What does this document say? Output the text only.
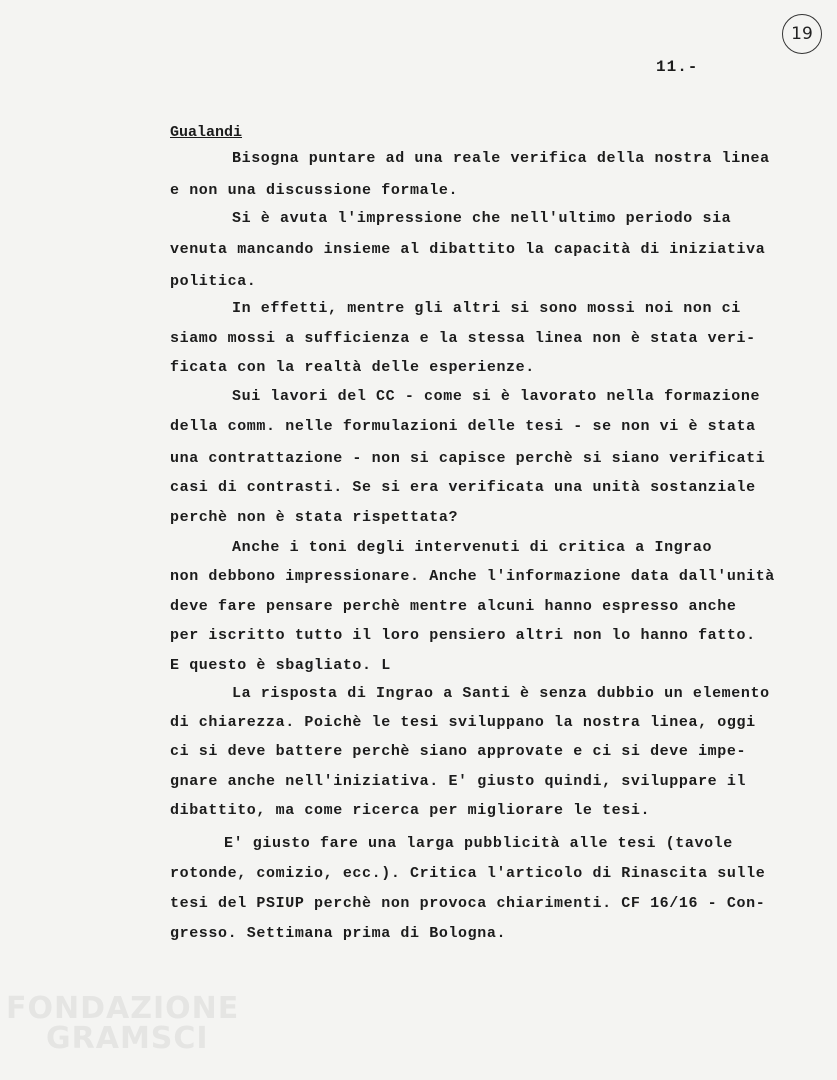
19
11.-
Gualandi
Bisogna puntare ad una reale verifica della nostra linea
e non una discussione formale.
Si è avuta l'impressione che nell'ultimo periodo sia
venuta mancando insieme al dibattito la capacità di iniziativa
politica.
In effetti, mentre gli altri si sono mossi noi non ci
siamo mossi a sufficienza e la stessa linea non è stata veri-
ficata con la realtà delle esperienze.
Sui lavori del CC - come si è lavorato nella formazione
della comm. nelle formulazioni delle tesi - se non vi è stata
una contrattazione - non si capisce perchè si siano verificati
casi di contrasti. Se si era verificata una unità sostanziale
perchè non è stata rispettata?
Anche i toni degli intervenuti di critica a Ingrao
non debbono impressionare. Anche l'informazione data dall'unità
deve fare pensare perchè mentre alcuni hanno espresso anche
per iscritto tutto il loro pensiero altri non lo hanno fatto.
E questo è sbagliato. L
La risposta di Ingrao a Santi è senza dubbio un elemento
di chiarezza. Poichè le tesi sviluppano la nostra linea, oggi
ci si deve battere perchè siano approvate e ci si deve impe-
gnare anche nell'iniziativa. E' giusto quindi, sviluppare il
dibattito, ma come ricerca per migliorare le tesi.
E' giusto fare una larga pubblicità alle tesi (tavole
rotonde, comizio, ecc.). Critica l'articolo di Rinascita sulle
tesi del PSIUP perchè non provoca chiarimenti. CF 16/16 - Con-
gresso. Settimana prima di Bologna.
FONDAZIONE
GRAMSCI
